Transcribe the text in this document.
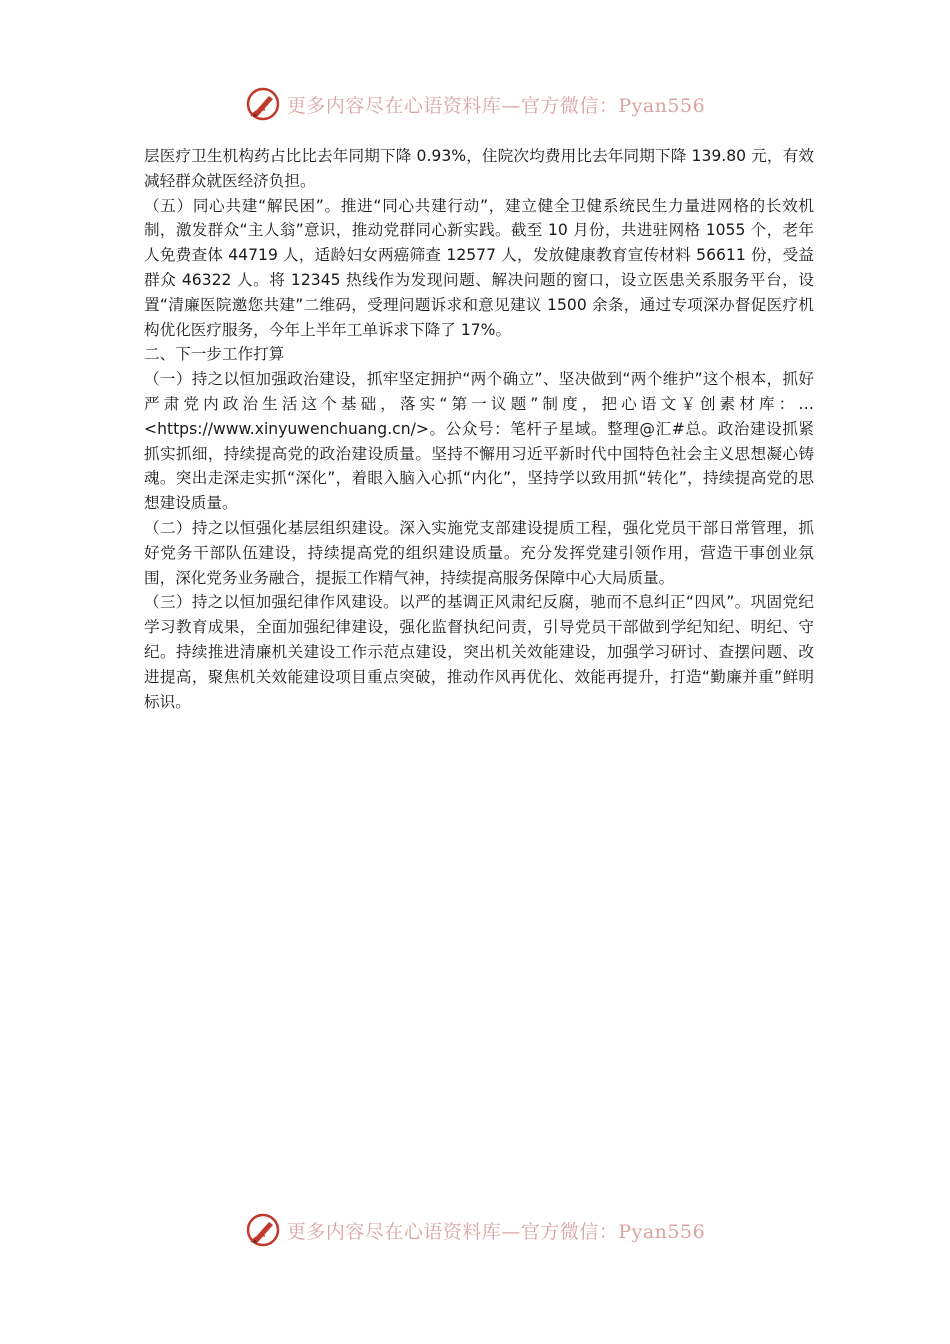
更多内容尽在心语资料库—官方微信：Pyan556

层医疗卫生机构药占比比去年同期下降 0.93%，住院次均费用比去年同期下降 139.80 元，有效减轻群众就医经济负担。

（五）同心共建“解民困”。推进“同心共建行动”，建立健全卫健系统民生力量进网格的长效机制，激发群众“主人翁”意识，推动党群同心新实践。截至 10 月份，共进驻网格 1055 个，老年人免费查体 44719 人，适龄妇女两癌筛查 12577 人，发放健康教育宣传材料 56611 份，受益群众 46322 人。将 12345 热线作为发现问题、解决问题的窗口，设立医患关系服务平台，设置“清廉医院邀您共建”二维码，受理问题诉求和意见建议 1500 余条，通过专项深办督促医疗机构优化医疗服务，今年上半年工单诉求下降了 17%。

二、下一步工作打算

（一）持之以恒加强政治建设，抓牢坚定拥护“两个确立”、坚决做到“两个维护”这个根本，抓好严肃党内政治生活这个基础，落实“第一议题”制度，把心语文￥创素材库：…<https://www.xinyuwenchuang.cn/>。公众号：笔杆子星域。整理@汇#总。政治建设抓紧抓实抓细，持续提高党的政治建设质量。坚持不懈用习近平新时代中国特色社会主义思想凝心铸魂。突出走深走实抓“深化”，着眼入脑入心抓“内化”，坚持学以致用抓“转化”，持续提高党的思想建设质量。

（二）持之以恒强化基层组织建设。深入实施党支部建设提质工程，强化党员干部日常管理，抓好党务干部队伍建设，持续提高党的组织建设质量。充分发挥党建引领作用，营造干事创业氛围，深化党务业务融合，提振工作精气神，持续提高服务保障中心大局质量。

（三）持之以恒加强纪律作风建设。以严的基调正风肃纪反腐，驰而不息纠正“四风”。巩固党纪学习教育成果，全面加强纪律建设，强化监督执纪问责，引导党员干部做到学纪知纪、明纪、守纪。持续推进清廉机关建设工作示范点建设，突出机关效能建设，加强学习研讨、查摆问题、改进提高，聚焦机关效能建设项目重点突破，推动作风再优化、效能再提升，打造“勤廉并重”鲜明标识。

更多内容尽在心语资料库—官方微信：Pyan556
